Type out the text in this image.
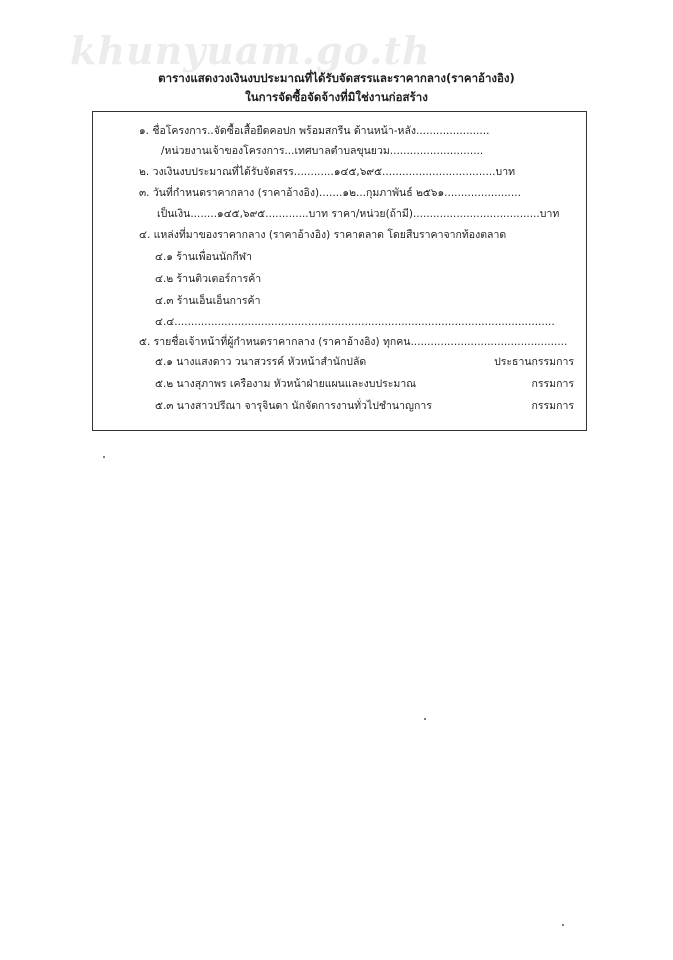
khunyuam.go.th
ตารางแสดงวงเงินงบประมาณที่ได้รับจัดสรรและราคากลาง(ราคาอ้างอิง)
ในการจัดซื้อจัดจ้างที่มิใช่งานก่อสร้าง
๑. ชื่อโครงการ..จัดซื้อเสื้อยืดคอปก พร้อมสกรีน ด้านหน้า-หลัง......................
/หน่วยงานเจ้าของโครงการ...เทศบาลตำบลขุนยวม............................
๒. วงเงินงบประมาณที่ได้รับจัดสรร............๑๔๕,๖๙๕..................................บาท
๓. วันที่กำหนดราคากลาง (ราคาอ้างอิง).......๑๒...กุมภาพันธ์ ๒๕๖๑.......................
เป็นเงิน........๑๔๕,๖๙๕.............บาท ราคา/หน่วย(ถ้ามี)......................................บาท
๔. แหล่งที่มาของราคากลาง (ราคาอ้างอิง) ราคาตลาด โดยสืบราคาจากท้องตลาด
๔.๑ ร้านเพื่อนนักกีฬา
๔.๒ ร้านติวเตอร์การค้า
๔.๓ ร้านเอ็นเอ็นการค้า
๔.๔..................................................................................................................
๕. รายชื่อเจ้าหน้าที่ผู้กำหนดราคากลาง (ราคาอ้างอิง) ทุกคน...............................................
๕.๑ นางแสงดาว วนาสวรรค์ หัวหน้าสำนักปลัด	ประธานกรรมการ
๕.๒ นางสุภาพร เครืองาม หัวหน้าฝ่ายแผนและงบประมาณ	กรรมการ
๕.๓ นางสาวปรีณา จารุจินดา นักจัดการงานทั่วไปชำนาญการ	กรรมการ
